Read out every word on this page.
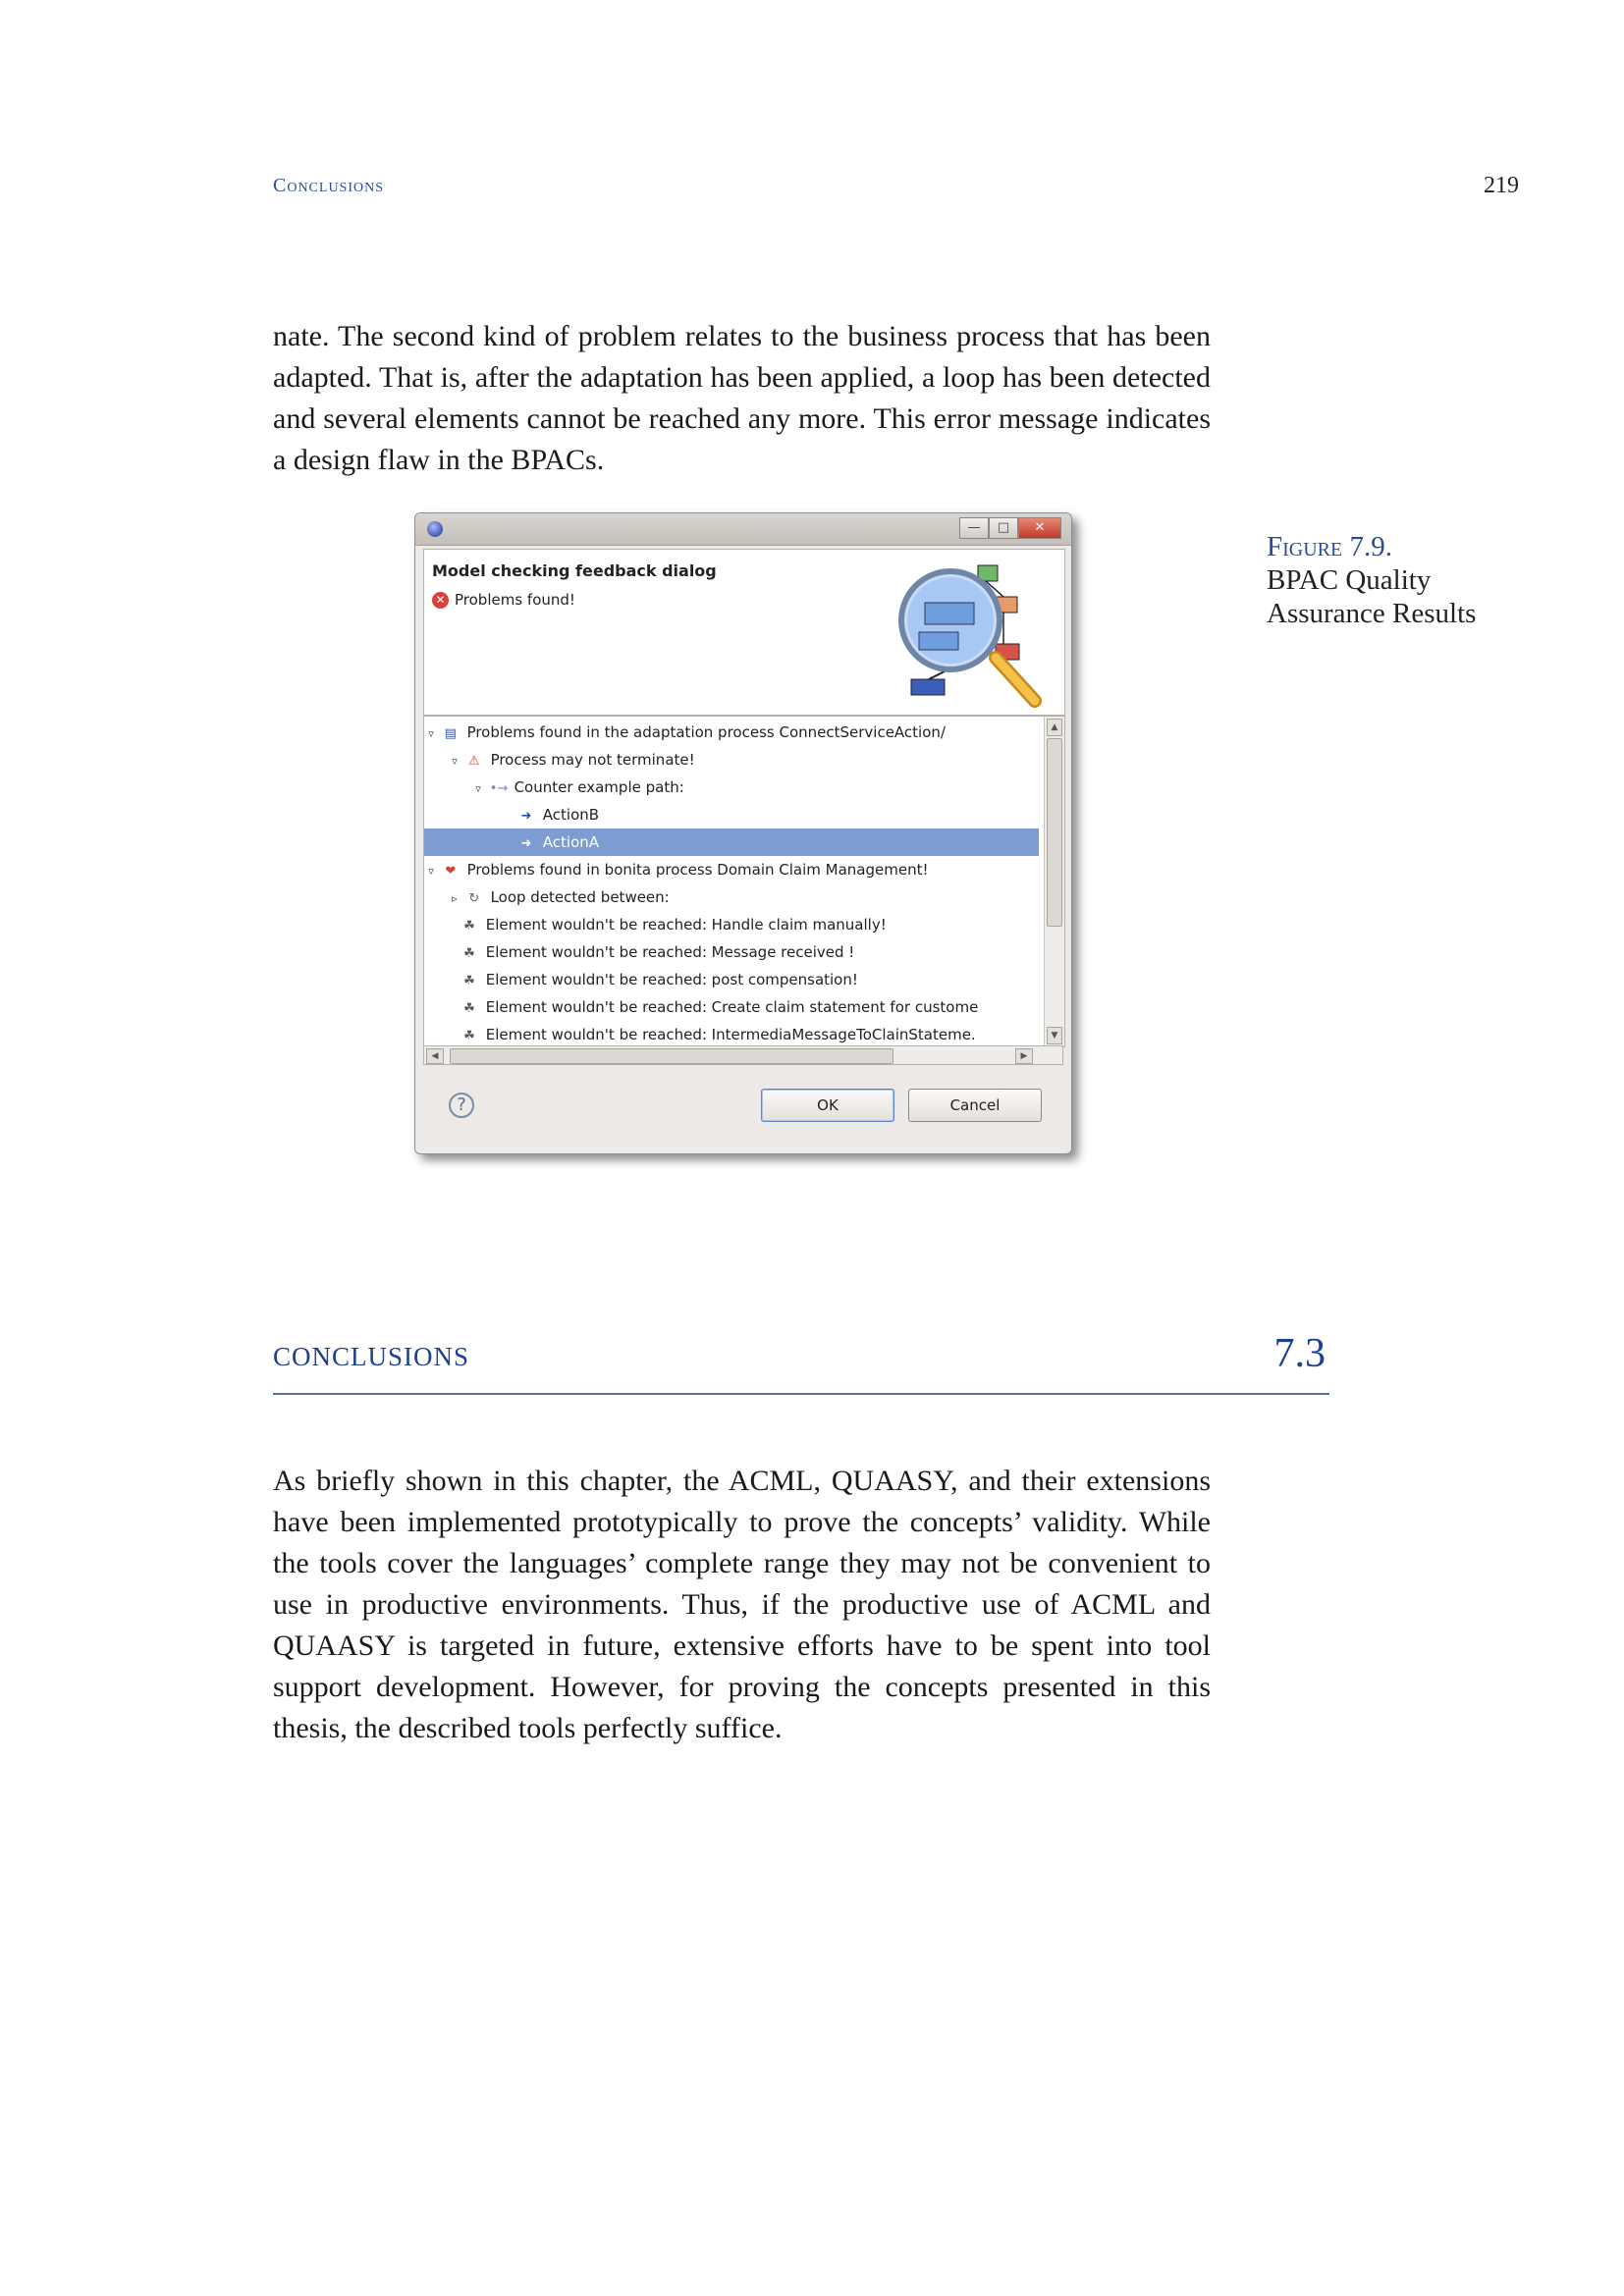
Conclusions	219

nate. The second kind of problem relates to the business process that has been adapted. That is, after the adaptation has been applied, a loop has been detected and several elements cannot be reached any more. This error message indicates a design flaw in the BPACs.

—	□	✕
Model checking feedback dialog
✕ Problems found!
▿ ▤ Problems found in the adaptation process ConnectServiceAction/
▿ ⚠ Process may not terminate!
▿ •→ Counter example path:
➜ ActionB
➜ ActionA
▿ ❤ Problems found in bonita process Domain Claim Management!
▹ ↻ Loop detected between:
☘ Element wouldn't be reached: Handle claim manually!
☘ Element wouldn't be reached: Message received !
☘ Element wouldn't be reached: post compensation!
☘ Element wouldn't be reached: Create claim statement for custome
☘ Element wouldn't be reached: IntermediaMessageToClainStateme.
▲
▼
◀	▶
?	OK	Cancel
Figure 7.9.
BPAC Quality Assurance Results
CONCLUSIONS	7.3

As briefly shown in this chapter, the ACML, QUAASY, and their extensions have been implemented prototypically to prove the concepts’ validity. While the tools cover the languages’ complete range they may not be convenient to use in productive environments. Thus, if the productive use of ACML and QUAASY is targeted in future, extensive efforts have to be spent into tool support development. However, for proving the concepts presented in this thesis, the described tools perfectly suffice.
